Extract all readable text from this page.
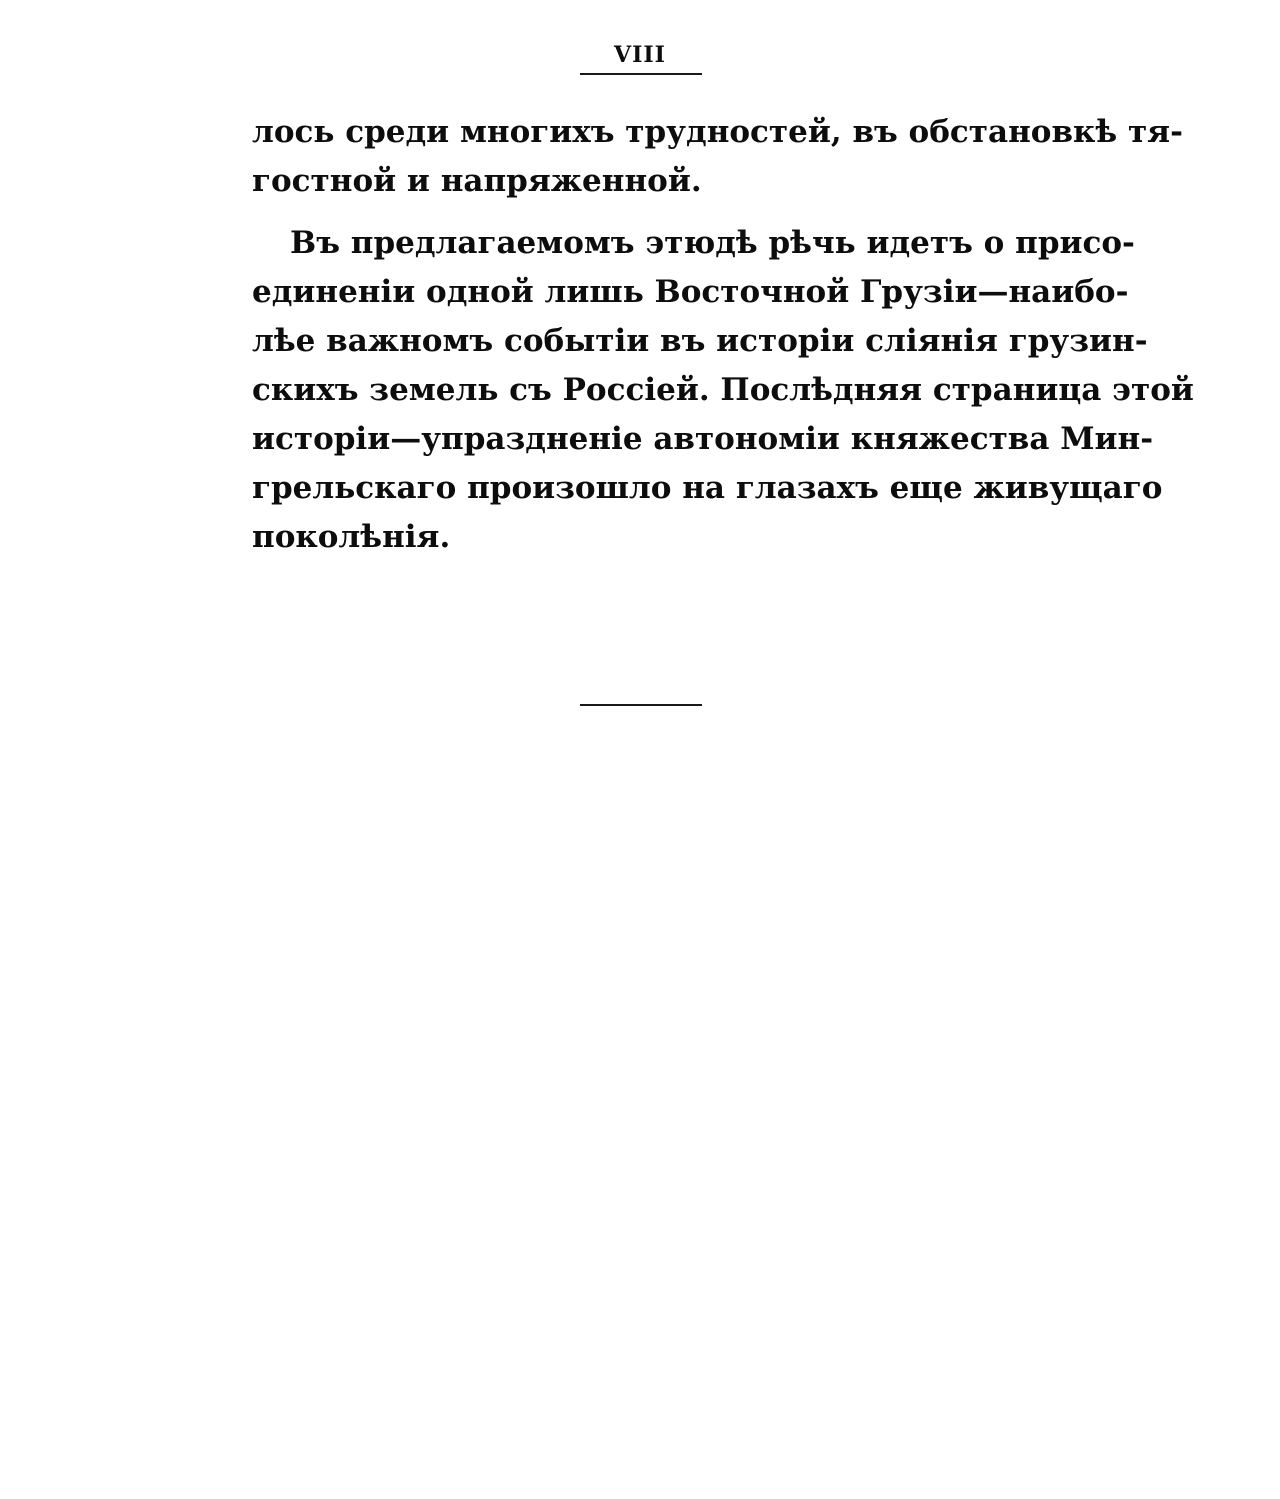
VIII
лось среди многихъ трудностей, въ обстановкѣ тя-
гостной и напряженной.
Въ предлагаемомъ этюдѣ рѣчь идетъ о присо-
единеніи одной лишь Восточной Грузіи—наибо-
лѣе важномъ событіи въ исторіи сліянія грузин-
скихъ земель съ Россіей. Послѣдняя страница этой
исторіи—упраздненіе автономіи княжества Мин-
грельскаго произошло на глазахъ еще живущаго
поколѣнія.
